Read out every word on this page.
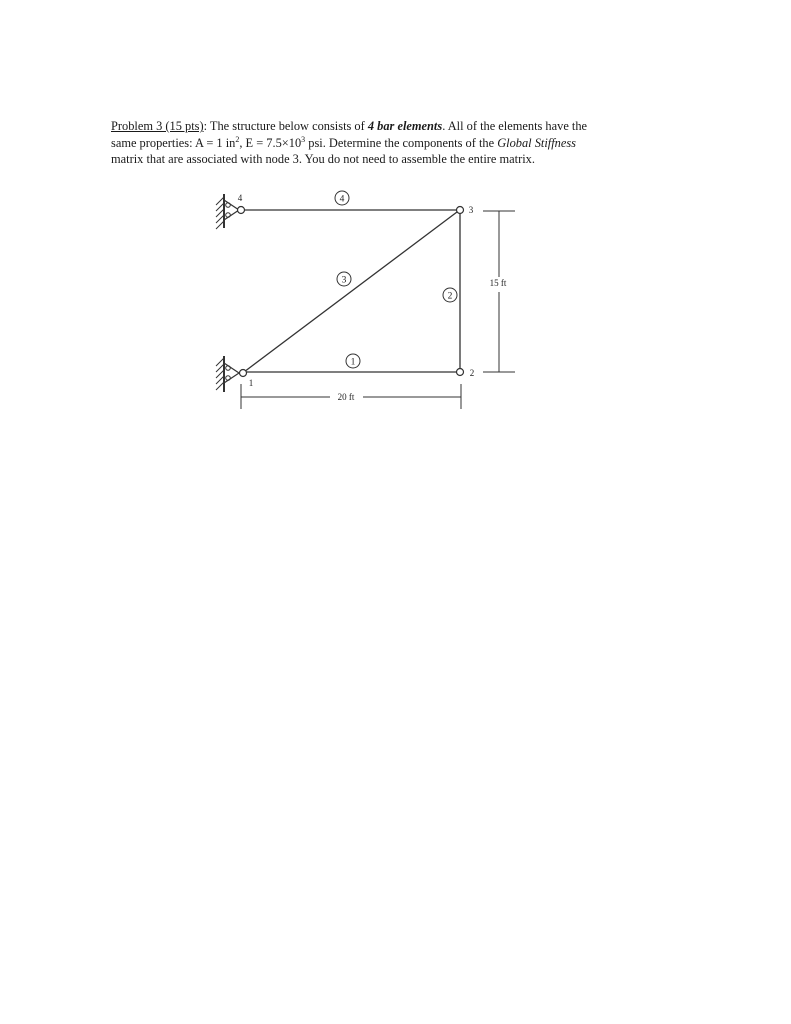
Problem 3 (15 pts): The structure below consists of 4 bar elements. All of the elements have the
same properties: A = 1 $in^2$, $E = 7.5\times 10^3$ psi. Determine the components of the Global Stiffness
matrix that are associated with node 3. You do not need to assemble the entire matrix.
4
1
3
2
4
3
2
1
15 ft
20 ft
